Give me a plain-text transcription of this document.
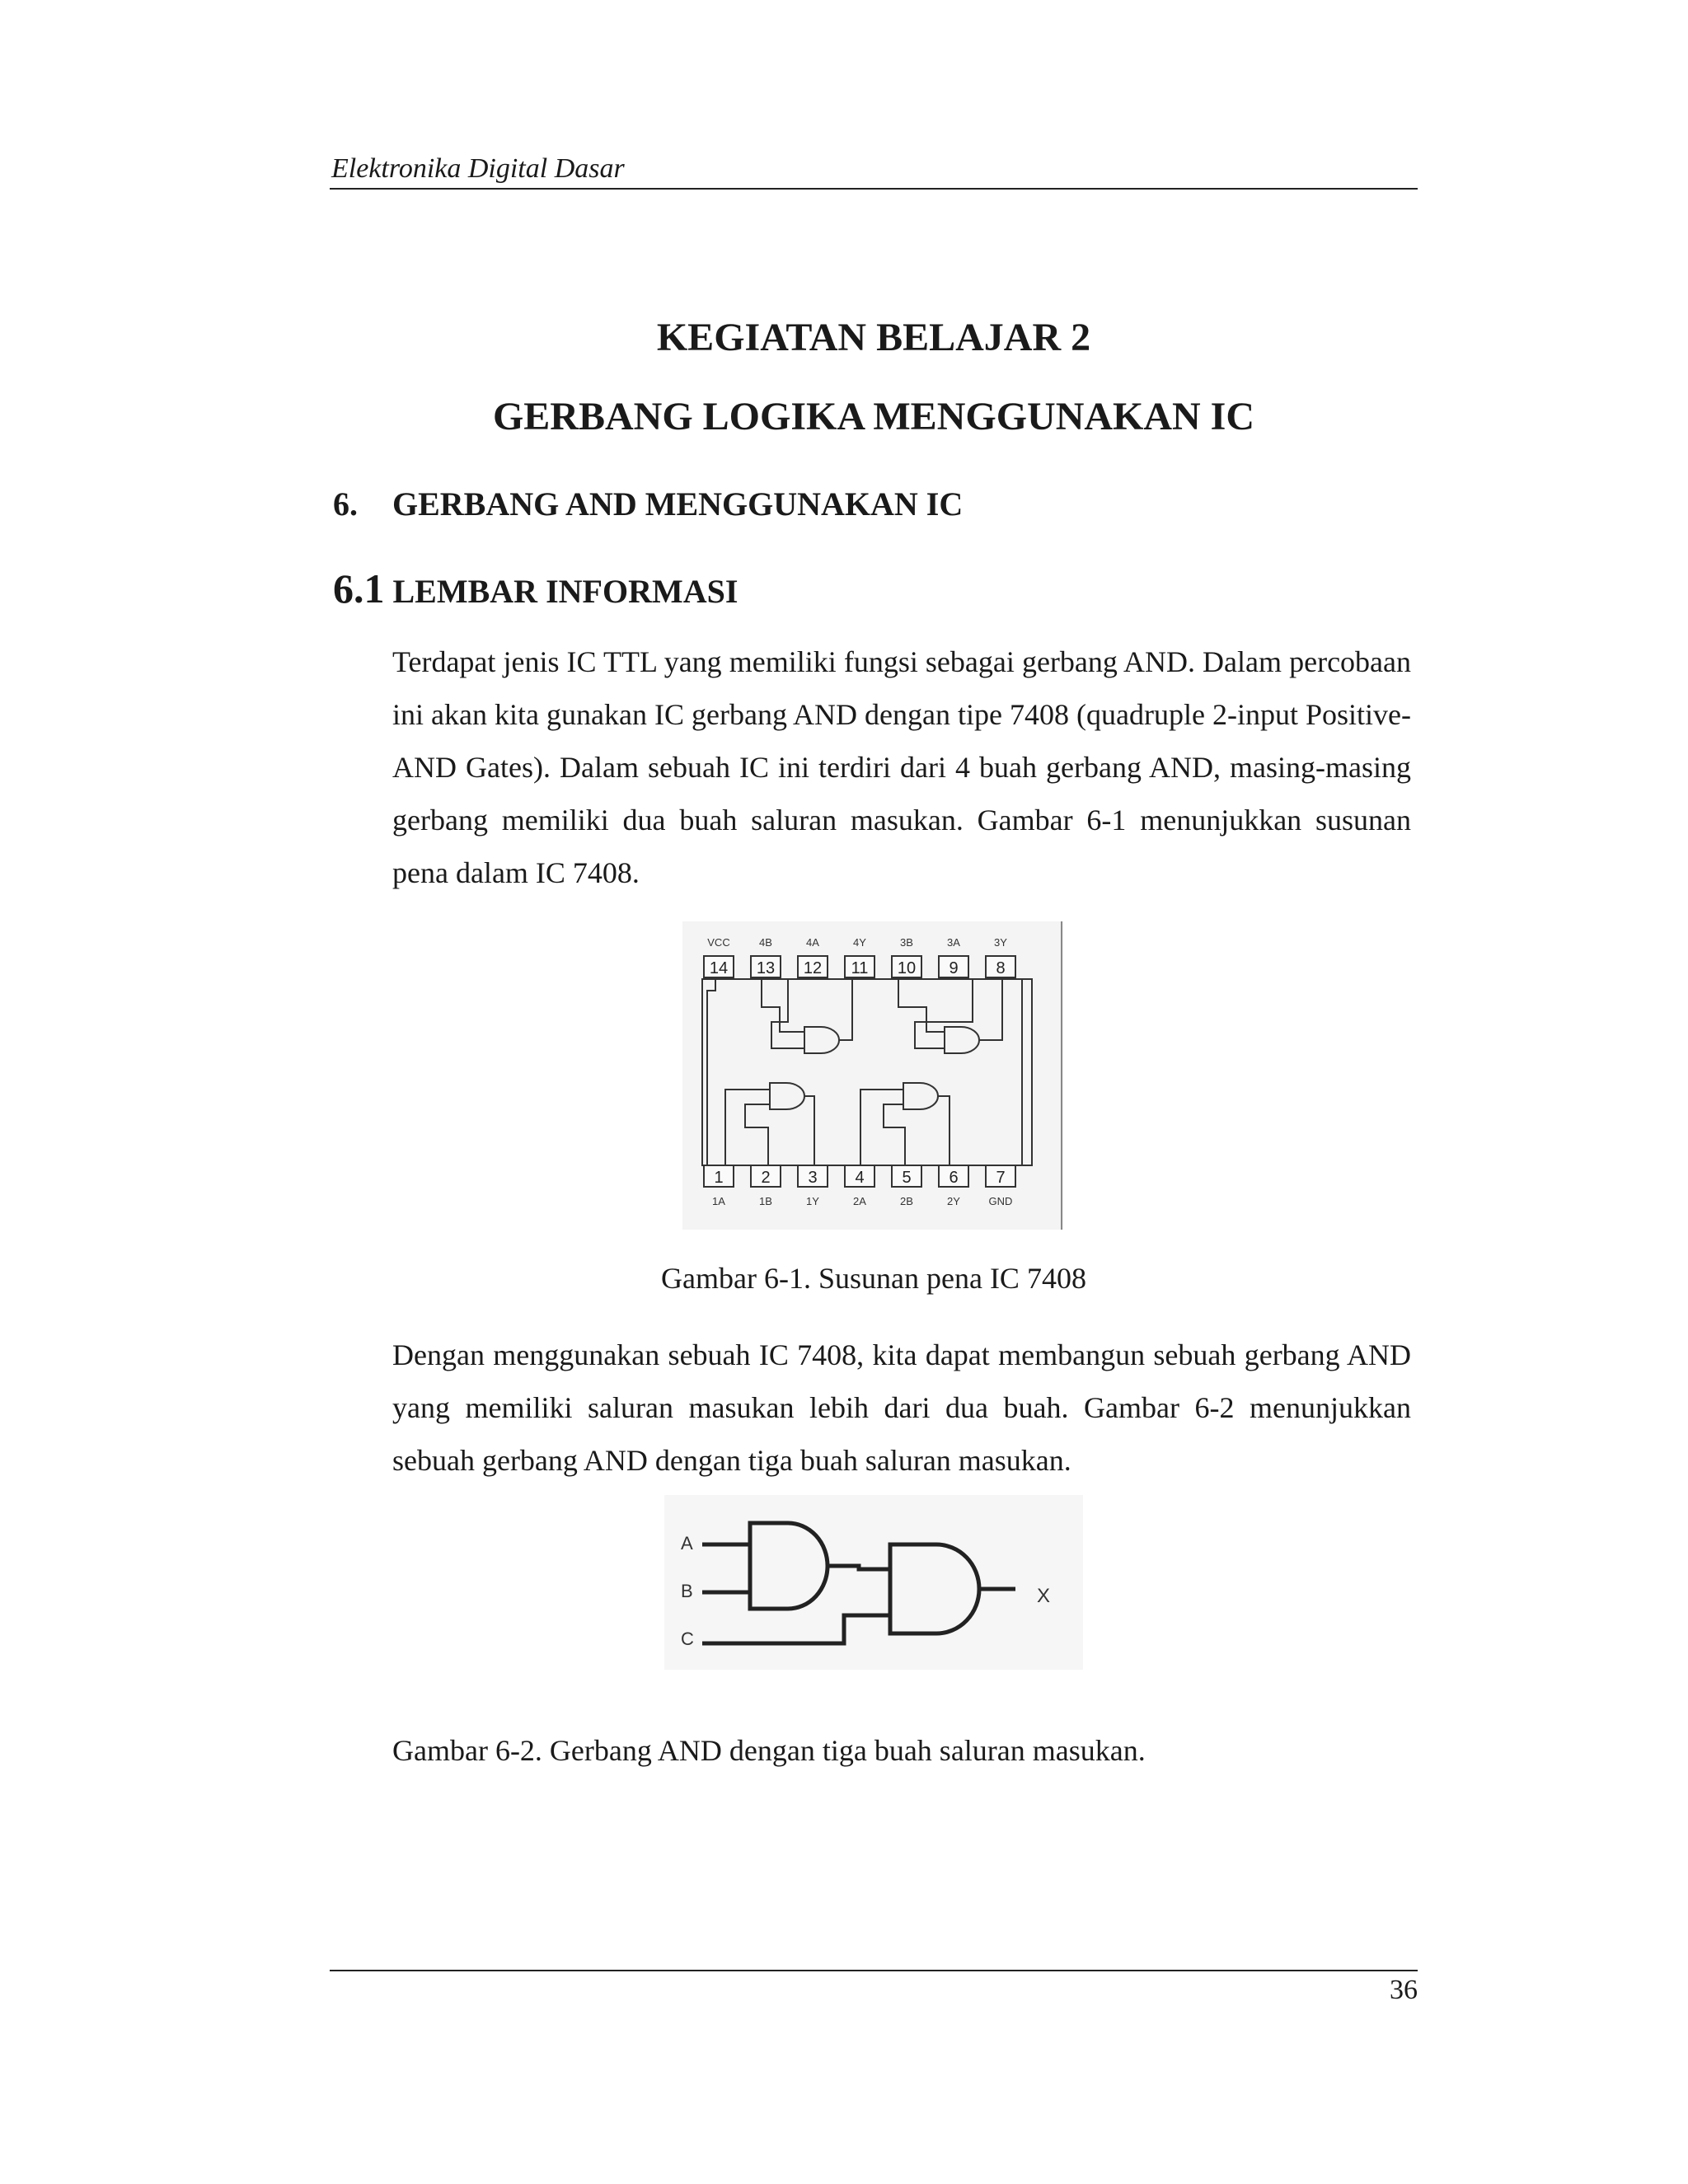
Elektronika Digital Dasar
KEGIATAN BELAJAR 2
GERBANG LOGIKA MENGGUNAKAN IC
6. GERBANG AND MENGGUNAKAN IC
6.1 LEMBAR INFORMASI
Terdapat jenis IC TTL yang memiliki fungsi sebagai gerbang AND. Dalam percobaan ini akan kita gunakan IC gerbang AND dengan tipe 7408 (quadruple 2-input Positive-AND Gates). Dalam sebuah IC ini terdiri dari 4 buah gerbang AND, masing-masing gerbang memiliki dua buah saluran masukan. Gambar 6-1 menunjukkan susunan pena dalam IC 7408.
14
VCC
13
4B
12
4A
11
4Y
10
3B
9
3A
8
3Y
1
1A
2
1B
3
1Y
4
2A
5
2B
6
2Y
7
GND
Gambar 6-1. Susunan pena IC 7408
Dengan menggunakan sebuah IC 7408, kita dapat membangun sebuah gerbang AND yang memiliki saluran masukan lebih dari dua buah. Gambar 6-2 menunjukkan sebuah gerbang AND dengan tiga buah saluran masukan.
A
B
C
X
Gambar 6-2. Gerbang AND dengan tiga buah saluran masukan.
36
